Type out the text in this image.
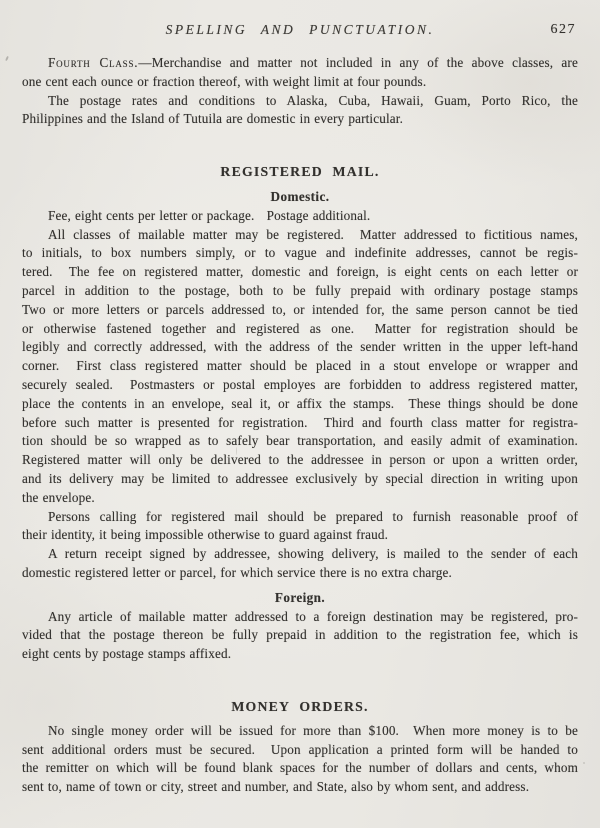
SPELLING AND PUNCTUATION.	627
Fourth Class.—Merchandise and matter not included in any of the above classes, are
one cent each ounce or fraction thereof, with weight limit at four pounds.
The postage rates and conditions to Alaska, Cuba, Hawaii, Guam, Porto Rico, the
Philippines and the Island of Tutuila are domestic in every particular.
REGISTERED MAIL.
Domestic.
Fee, eight cents per letter or package.   Postage additional.
All classes of mailable matter may be registered.  Matter addressed to fictitious names,
to initials, to box numbers simply, or to vague and indefinite addresses, cannot be regis-
tered.  The fee on registered matter, domestic and foreign, is eight cents on each letter or
parcel in addition to the postage, both to be fully prepaid with ordinary postage stamps
Two or more letters or parcels addressed to, or intended for, the same person cannot be tied
or otherwise fastened together and registered as one.  Matter for registration should be
legibly and correctly addressed, with the address of the sender written in the upper left-hand
corner.  First class registered matter should be placed in a stout envelope or wrapper and
securely sealed.  Postmasters or postal employes are forbidden to address registered matter,
place the contents in an envelope, seal it, or affix the stamps.  These things should be done
before such matter is presented for registration.  Third and fourth class matter for registra-
tion should be so wrapped as to safely bear transportation, and easily admit of examination.
Registered matter will only be delivered to the addressee in person or upon a written order,
and its delivery may be limited to addressee exclusively by special direction in writing upon
the envelope.
Persons calling for registered mail should be prepared to furnish reasonable proof of
their identity, it being impossible otherwise to guard against fraud.
A return receipt signed by addressee, showing delivery, is mailed to the sender of each
domestic registered letter or parcel, for which service there is no extra charge.
Foreign.
Any article of mailable matter addressed to a foreign destination may be registered, pro-
vided that the postage thereon be fully prepaid in addition to the registration fee, which is
eight cents by postage stamps affixed.
MONEY ORDERS.
No single money order will be issued for more than $100.  When more money is to be
sent additional orders must be secured.  Upon application a printed form will be handed to
the remitter on which will be found blank spaces for the number of dollars and cents, whom
sent to, name of town or city, street and number, and State, also by whom sent, and address.
